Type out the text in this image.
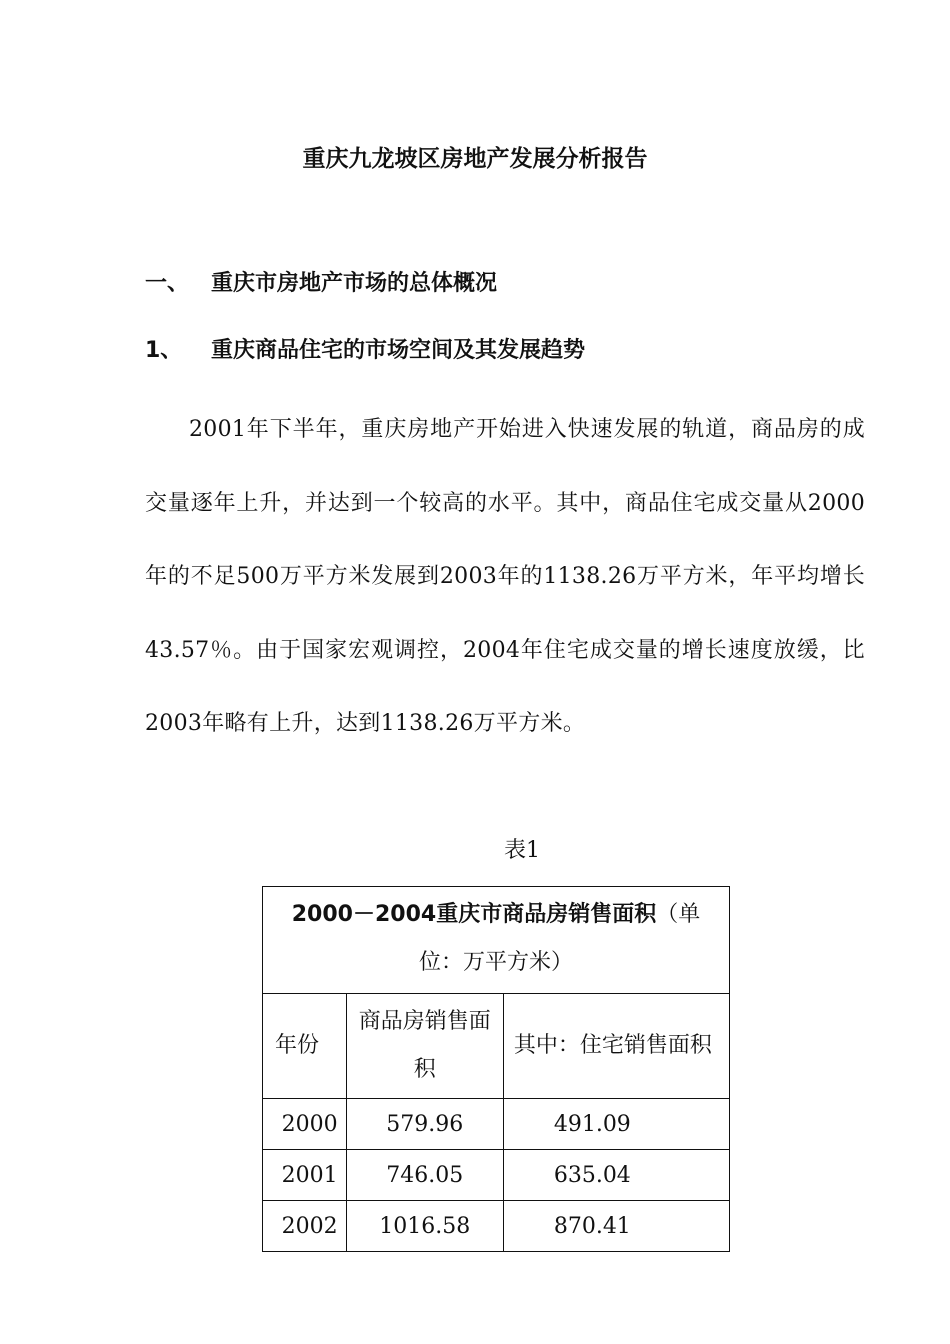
重庆九龙坡区房地产发展分析报告
一、 重庆市房地产市场的总体概况
1、	重庆商品住宅的市场空间及其发展趋势

2001年下半年，重庆房地产开始进入快速发展的轨道，商品房的成交量逐年上升，并达到一个较高的水平。其中，商品住宅成交量从2000年的不足500万平方米发展到2003年的1138.26万平方米，年平均增长43.57％。由于国家宏观调控，2004年住宅成交量的增长速度放缓，比2003年略有上升，达到1138.26万平方米。

表1
2000－2004重庆市商品房销售面积（单位：万平方米）		
年份	商品房销售面积	其中：住宅销售面积
2000	579.96	491.09
2001	746.05	635.04
2002	1016.58	870.41
